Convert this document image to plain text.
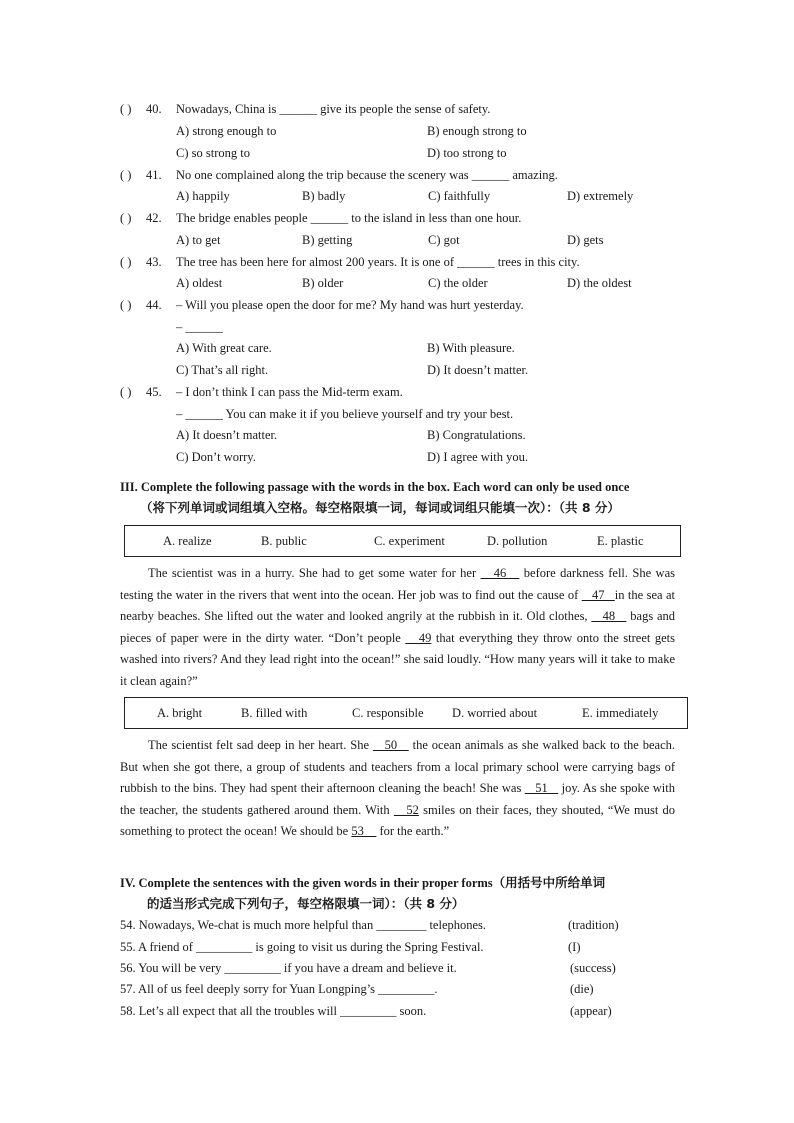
( ) 40. Nowadays, China is ______ give its people the sense of safety.
A) strong enough to	B) enough strong to
C) so strong to	D) too strong to
( ) 41. No one complained along the trip because the scenery was ______ amazing.
A) happily	B) badly	C) faithfully	D) extremely
( ) 42. The bridge enables people ______ to the island in less than one hour.
A) to get	B) getting	C) got	D) gets
( ) 43. The tree has been here for almost 200 years. It is one of ______ trees in this city.
A) oldest	B) older	C) the older	D) the oldest
( ) 44. – Will you please open the door for me? My hand was hurt yesterday.
– ______
A) With great care.	B) With pleasure.
C) That’s all right.	D) It doesn’t matter.
( ) 45. – I don’t think I can pass the Mid-term exam.
– ______ You can make it if you believe yourself and try your best.
A) It doesn’t matter.	B) Congratulations.
C) Don’t worry.	D) I agree with you.
III. Complete the following passage with the words in the box. Each word can only be used once
（将下列单词或词组填入空格。每空格限填一词，每词或词组只能填一次）：（共 8 分）
A. realize	B. public	C. experiment	D. pollution	E. plastic

The scientist was in a hurry. She had to get some water for her    46    before darkness fell. She was testing the water in the rivers that went into the ocean. Her job was to find out the cause of    47   in the sea at nearby beaches. She lifted out the water and looked angrily at the rubbish in it. Old clothes,    48    bags and pieces of paper were in the dirty water. “Don’t people    49 that everything they throw onto the street gets washed into rivers? And they lead right into the ocean!” she said loudly. “How many years will it take to make it clean again?”

A. bright	B. filled with	C. responsible D. worried about	E. immediately

The scientist felt sad deep in her heart. She    50    the ocean animals as she walked back to the beach. But when she got there, a group of students and teachers from a local primary school were carrying bags of rubbish to the bins. They had spent their afternoon cleaning the beach! She was    51    joy. As she spoke with the teacher, the students gathered around them. With    52 smiles on their faces, they shouted, “We must do something to protect the ocean! We should be 53     for the earth.”

IV. Complete the sentences with the given words in their proper forms（用括号中所给单词
的适当形式完成下列句子，每空格限填一词）：（共 8 分）
54. Nowadays, We-chat is much more helpful than ________ telephones.	(tradition)
55. A friend of _________ is going to visit us during the Spring Festival.	(I)
56. You will be very _________ if you have a dream and believe it.	(success)
57. All of us feel deeply sorry for Yuan Longping’s _________.	(die)
58. Let’s all expect that all the troubles will _________ soon.	(appear)
